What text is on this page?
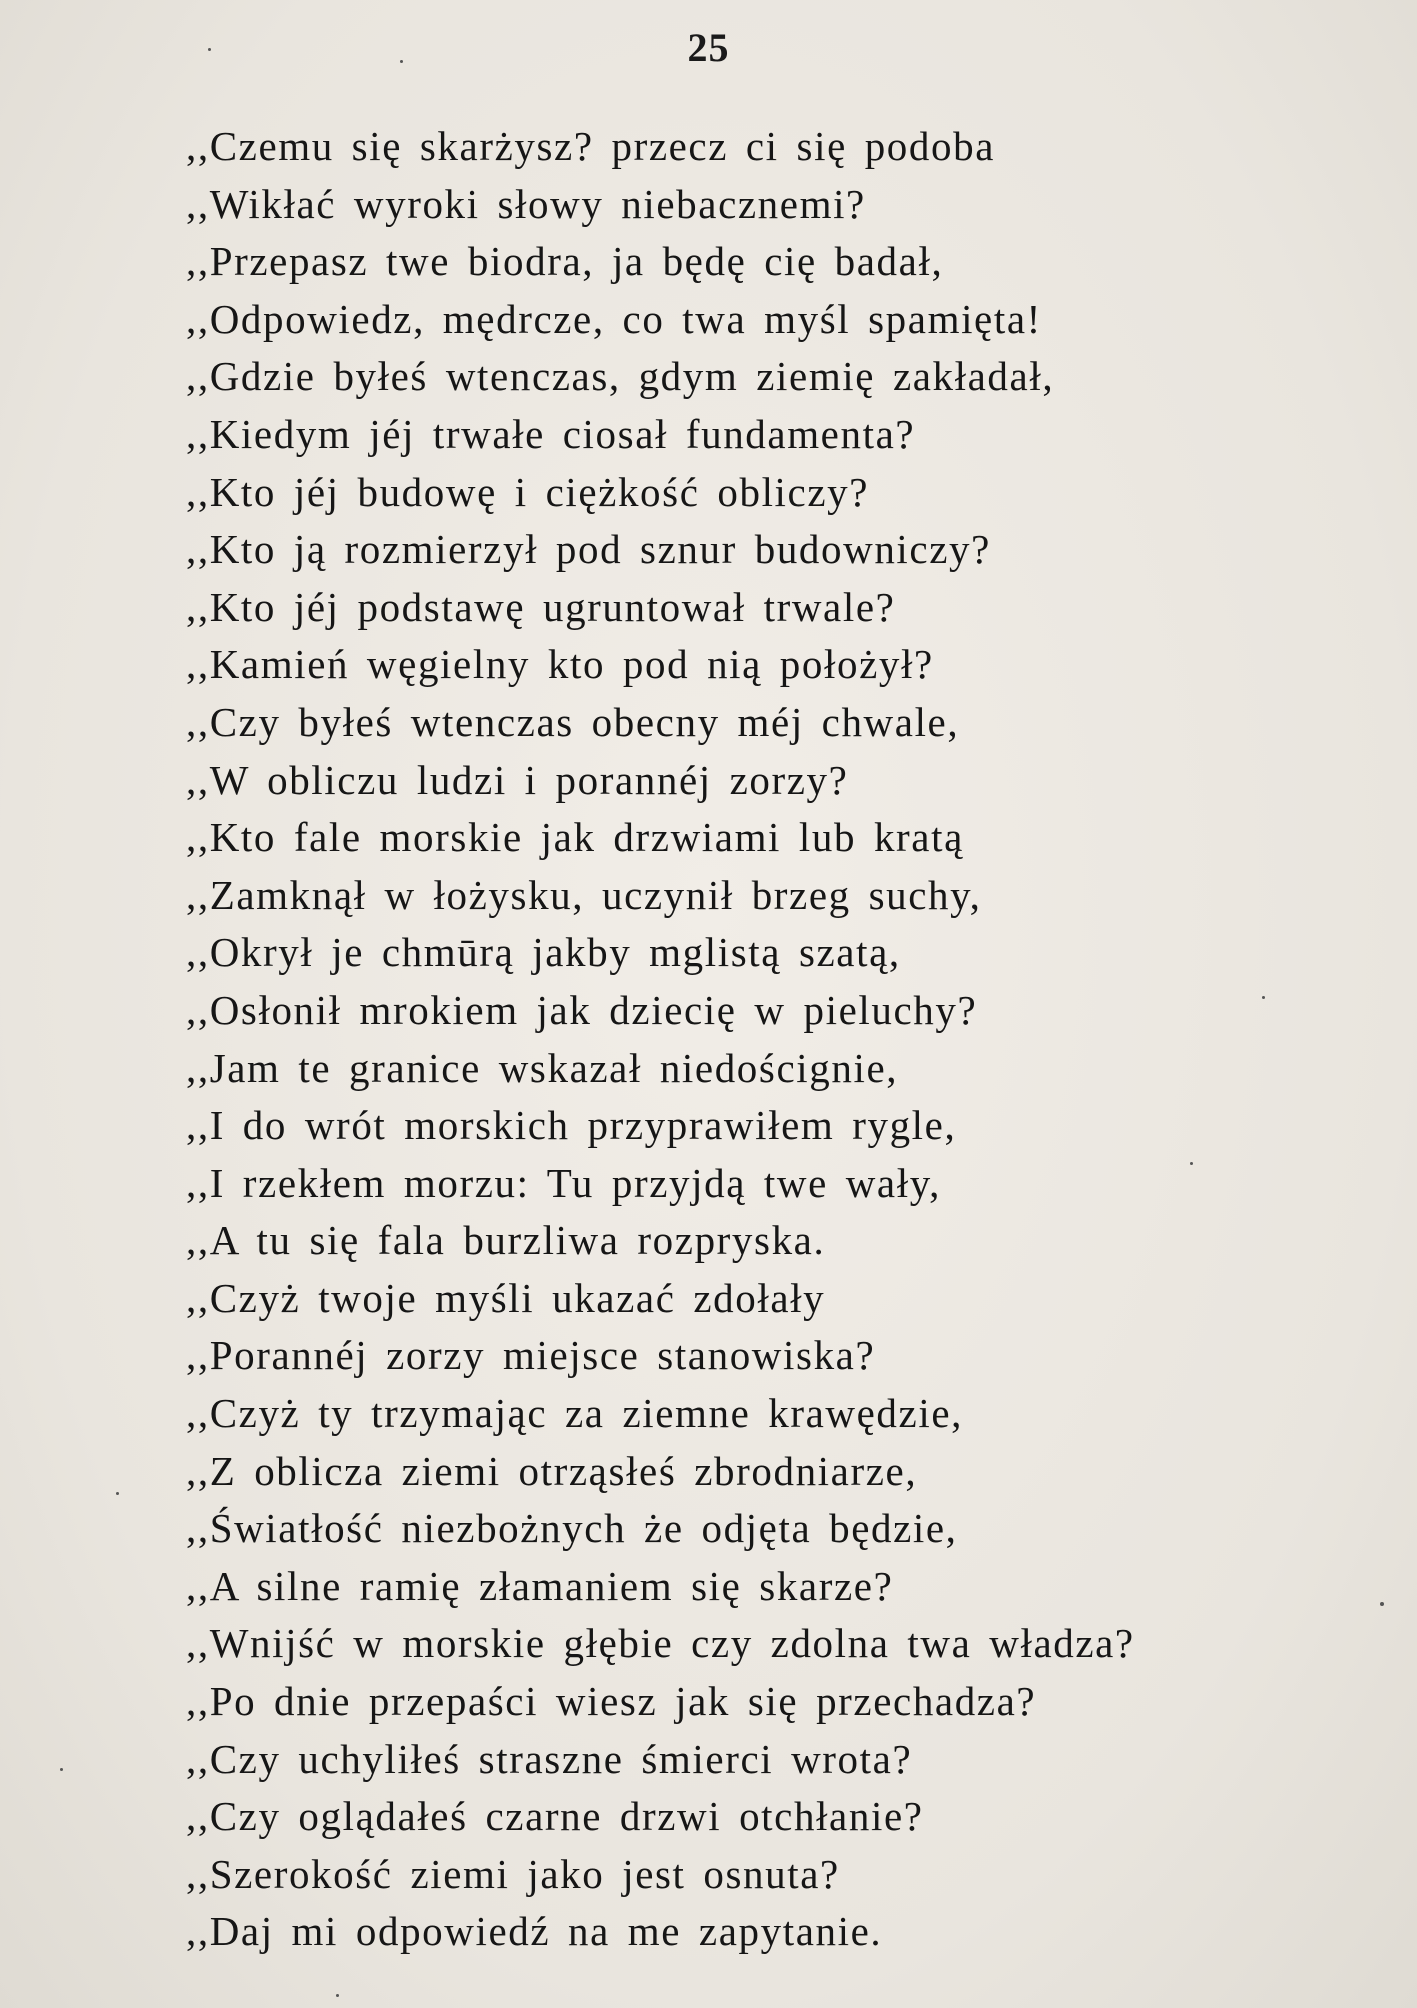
25
,,Czemu się skarżysz? przecz ci się podoba
,,Wikłać wyroki słowy niebacznemi?
,,Przepasz twe biodra, ja będę cię badał,
,,Odpowiedz, mędrcze, co twa myśl spamięta!
,,Gdzie byłeś wtenczas, gdym ziemię zakładał,
,,Kiedym jéj trwałe ciosał fundamenta?
,,Kto jéj budowę i ciężkość obliczy?
,,Kto ją rozmierzył pod sznur budowniczy?
,,Kto jéj podstawę ugruntował trwale?
,,Kamień węgielny kto pod nią położył?
,,Czy byłeś wtenczas obecny méj chwale,
,,W obliczu ludzi i porannéj zorzy?
,,Kto fale morskie jak drzwiami lub kratą
,,Zamknął w łożysku, uczynił brzeg suchy,
,,Okrył je chmūrą jakby mglistą szatą,
,,Osłonił mrokiem jak dziecię w pieluchy?
,,Jam te granice wskazał niedoścignie,
,,I do wrót morskich przyprawiłem rygle,
,,I rzekłem morzu: Tu przyjdą twe wały,
,,A tu się fala burzliwa rozpryska.
,,Czyż twoje myśli ukazać zdołały
,,Porannéj zorzy miejsce stanowiska?
,,Czyż ty trzymając za ziemne krawędzie,
,,Z oblicza ziemi otrząsłeś zbrodniarze,
,,Światłość niezbożnych że odjęta będzie,
,,A silne ramię złamaniem się skarze?
,,Wnijść w morskie głębie czy zdolna twa władza?
,,Po dnie przepaści wiesz jak się przechadza?
,,Czy uchyliłeś straszne śmierci wrota?
,,Czy oglądałeś czarne drzwi otchłanie?
,,Szerokość ziemi jako jest osnuta?
,,Daj mi odpowiedź na me zapytanie.
